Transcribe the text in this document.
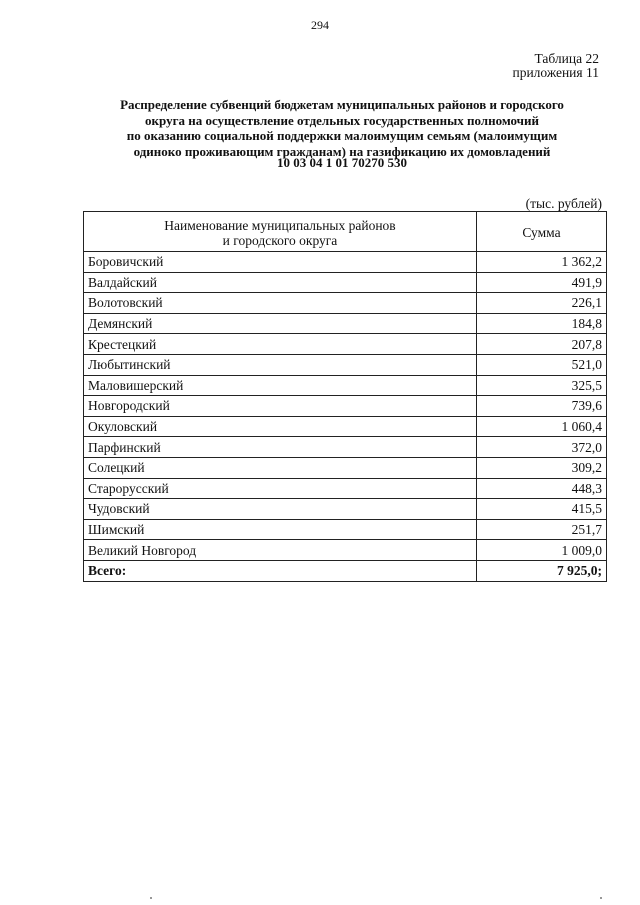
294
Таблица 22
приложения 11
Распределение субвенций бюджетам муниципальных районов и городского
округа на осуществление отдельных государственных полномочий
по оказанию социальной поддержки малоимущим семьям (малоимущим
одиноко проживающим гражданам) на газификацию их домовладений
10 03 04 1 01 70270 530
(тыс. рублей)
Наименование муниципальных районов
и городского округа	Сумма
Боровичский	1 362,2
Валдайский	491,9
Волотовский	226,1
Демянский	184,8
Крестецкий	207,8
Любытинский	521,0
Маловишерский	325,5
Новгородский	739,6
Окуловский	1 060,4
Парфинский	372,0
Солецкий	309,2
Старорусский	448,3
Чудовский	415,5
Шимский	251,7
Великий Новгород	1 009,0
Всего:	7 925,0;
